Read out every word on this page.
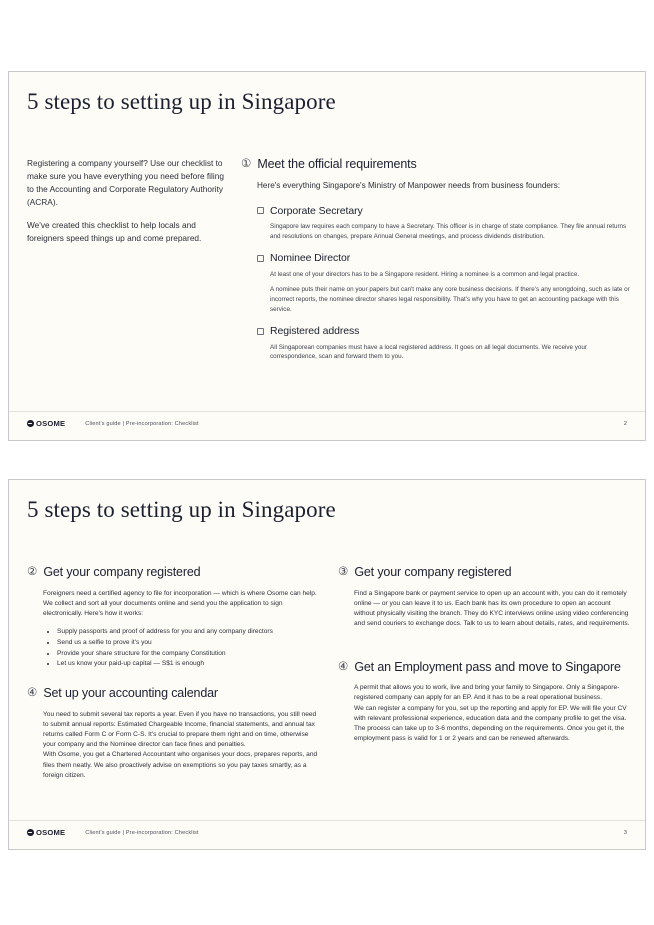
5 steps to setting up in Singapore

Registering a company yourself? Use our checklist to make sure you have everything you need before filing to the Accounting and Corporate Regulatory Authority (ACRA).

We've created this checklist to help locals and foreigners speed things up and come prepared.

① Meet the official requirements

Here's everything Singapore's Ministry of Manpower needs from business founders:

Corporate Secretary

Singapore law requires each company to have a Secretary. This officer is in charge of state compliance. They file annual returns and resolutions on changes, prepare Annual General meetings, and process dividends distribution.

Nominee Director

At least one of your directors has to be a Singapore resident. Hiring a nominee is a common and legal practice.

A nominee puts their name on your papers but can't make any core business decisions. If there's any wrongdoing, such as late or incorrect reports, the nominee director shares legal responsibility. That's why you have to get an accounting package with this service.

Registered address

All Singaporean companies must have a local registered address. It goes on all legal documents. We receive your correspondence, scan and forward them to you.

OSOME	Client's guide | Pre-incorporation: Checklist	2
5 steps to setting up in Singapore
② Get your company registered

Foreigners need a certified agency to file for incorporation — which is where Osome can help. We collect and sort all your documents online and send you the application to sign electronically. Here's how it works:

• Supply passports and proof of address for you and any company directors
• Send us a selfie to prove it's you
• Provide your share structure for the company Constitution
• Let us know your paid-up capital — S$1 is enough
④ Set up your accounting calendar

You need to submit several tax reports a year. Even if you have no transactions, you still need to submit annual reports: Estimated Chargeable Income, financial statements, and annual tax returns called Form C or Form C-S. It's crucial to prepare them right and on time, otherwise your company and the Nominee director can face fines and penalties.

With Osome, you get a Chartered Accountant who organises your docs, prepares reports, and files them neatly. We also proactively advise on exemptions so you pay taxes smartly, as a foreign citizen.

③ Get your company registered

Find a Singapore bank or payment service to open up an account with, you can do it remotely online — or you can leave it to us. Each bank has its own procedure to open an account without physically visiting the branch. They do KYC interviews online using video conferencing and send couriers to exchange docs. Talk to us to learn about details, rates, and requirements.

④ Get an Employment pass and move to Singapore

A permit that allows you to work, live and bring your family to Singapore. Only a Singapore-registered company can apply for an EP. And it has to be a real operational business.

We can register a company for you, set up the reporting and apply for EP. We will file your CV with relevant professional experience, education data and the company profile to get the visa. The process can take up to 3-6 months, depending on the requirements. Once you get it, the employment pass is valid for 1 or 2 years and can be renewed afterwards.

OSOME	Client's guide | Pre-incorporation: Checklist	3
